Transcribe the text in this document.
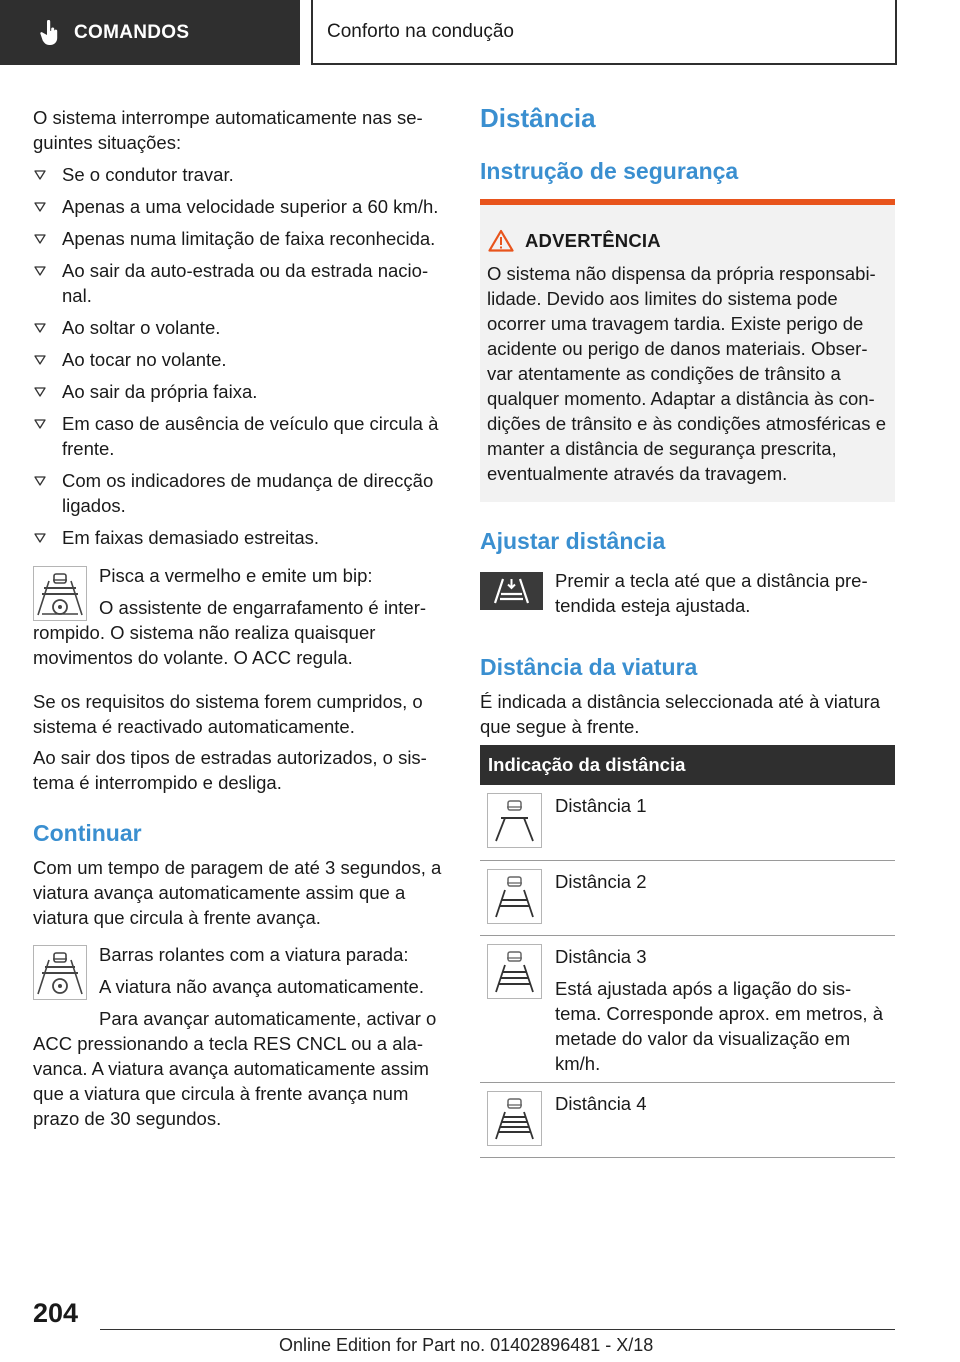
COMANDOS	Conforto na condução
O sistema interrompe automaticamente nas se-guintes situações:
Se o condutor travar.
Apenas a uma velocidade superior a 60 km/h.
Apenas numa limitação de faixa reconhecida.
Ao sair da auto-estrada ou da estrada nacio-nal.
Ao soltar o volante.
Ao tocar no volante.
Ao sair da própria faixa.
Em caso de ausência de veículo que circula à frente.
Com os indicadores de mudança de direcção ligados.
Em faixas demasiado estreitas.
Pisca a vermelho e emite um bip:
O assistente de engarrafamento é inter-rompido. O sistema não realiza quaisquer movimentos do volante. O ACC regula.
Se os requisitos do sistema forem cumpridos, o sistema é reactivado automaticamente.
Ao sair dos tipos de estradas autorizados, o sis-tema é interrompido e desliga.
Continuar
Com um tempo de paragem de até 3 segundos, a viatura avança automaticamente assim que a viatura que circula à frente avança.
Barras rolantes com a viatura parada:
A viatura não avança automaticamente.
Para avançar automaticamente, activar o ACC pressionando a tecla RES CNCL ou a ala-vanca. A viatura avança automaticamente assim que a viatura que circula à frente avança num prazo de 30 segundos.
Distância
Instrução de segurança
ADVERTÊNCIA
O sistema não dispensa da própria responsabi-lidade. Devido aos limites do sistema pode ocorrer uma travagem tardia. Existe perigo de acidente ou perigo de danos materiais. Obser-var atentamente as condições de trânsito a qualquer momento. Adaptar a distância às con-dições de trânsito e às condições atmosféricas e manter a distância de segurança prescrita, eventualmente através da travagem.
Ajustar distância
Premir a tecla até que a distância pre-tendida esteja ajustada.
Distância da viatura
É indicada a distância seleccionada até à viatura que segue à frente.
Indicação da distância
Distância 1
Distância 2
Distância 3
Está ajustada após a ligação do sis-tema. Corresponde aprox. em metros, à metade do valor da visualização em km/h.
Distância 4
204
Online Edition for Part no. 01402896481 - X/18
